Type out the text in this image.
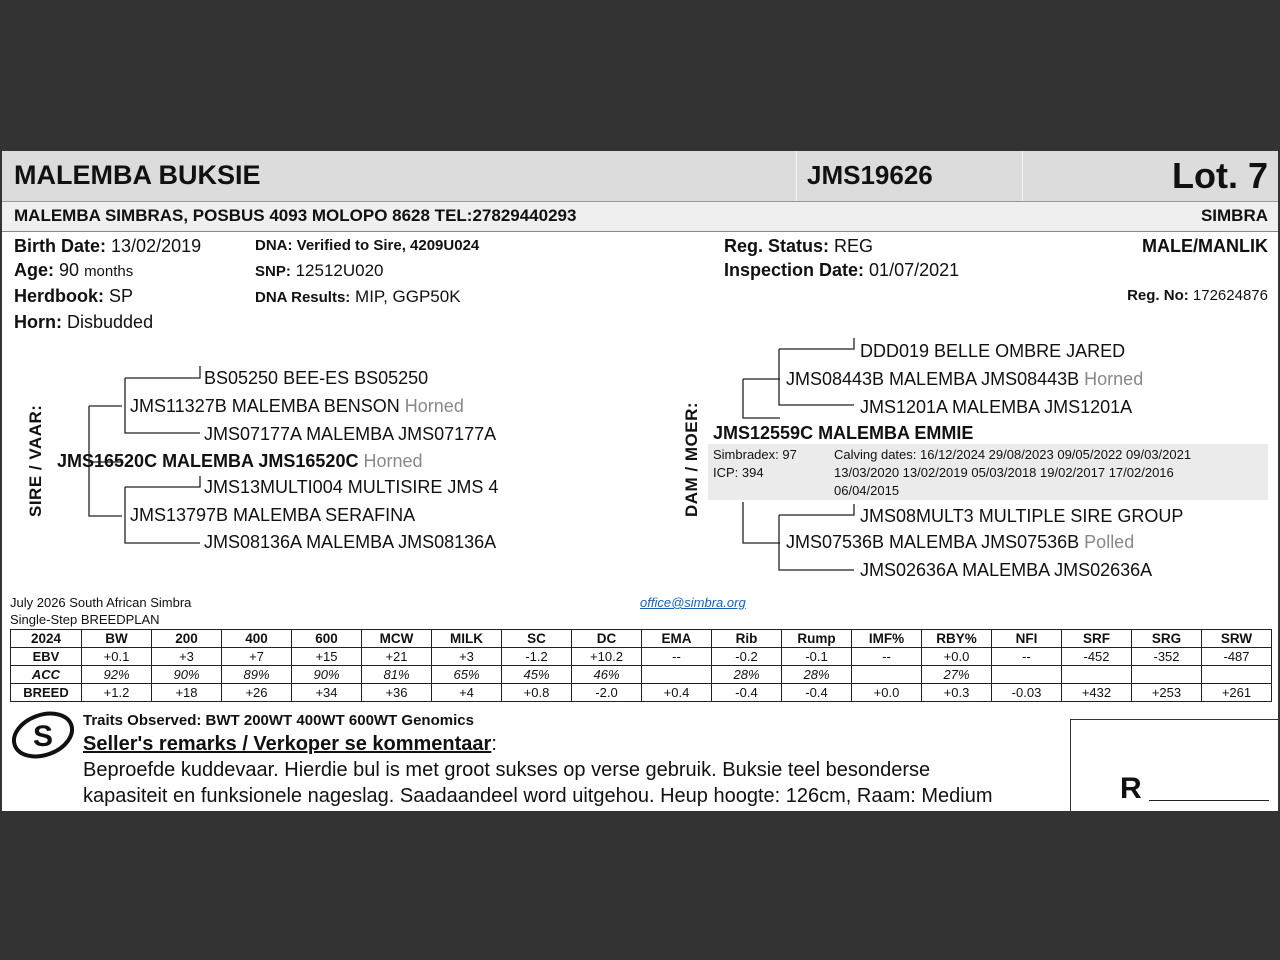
MALEMBA BUKSIE	JMS19626	Lot. 7
MALEMBA SIMBRAS, POSBUS 4093 MOLOPO 8628 TEL:27829440293	SIMBRA
Birth Date: 13/02/2019
Age: 90 months
Herdbook: SP
Horn: Disbudded
DNA: Verified to Sire, 4209U024
SNP: 12512U020
DNA Results: MIP, GGP50K
Reg. Status: REG
Inspection Date: 01/07/2021
MALE/MANLIK
Reg. No: 172624876
SIRE / VAAR:
BS05250 BEE-ES BS05250
JMS11327B MALEMBA BENSON Horned
JMS07177A MALEMBA JMS07177A
JMS16520C MALEMBA JMS16520C Horned
JMS13MULTI004 MULTISIRE JMS 4
JMS13797B MALEMBA SERAFINA
JMS08136A MALEMBA JMS08136A
DAM / MOER:
DDD019 BELLE OMBRE JARED
JMS08443B MALEMBA JMS08443B Horned
JMS1201A MALEMBA JMS1201A
JMS12559C MALEMBA EMMIE
Simbradex: 97
ICP: 394
Calving dates: 16/12/2024 29/08/2023 09/05/2022 09/03/2021
13/03/2020 13/02/2019 05/03/2018 19/02/2017 17/02/2016
06/04/2015
JMS08MULT3 MULTIPLE SIRE GROUP
JMS07536B MALEMBA JMS07536B Polled
JMS02636A MALEMBA JMS02636A
July 2026 South African Simbra
Single-Step BREEDPLAN
office@simbra.org
2024	BW	200	400	600	MCW	MILK	SC	DC	EMA	Rib	Rump	IMF%	RBY%	NFI	SRF	SRG	SRW
EBV	+0.1	+3	+7	+15	+21	+3	-1.2	+10.2	--	-0.2	-0.1	--	+0.0	--	-452	-352	-487
ACC	92%	90%	89%	90%	81%	65%	45%	46%		28%	28%		27%				
BREED	+1.2	+18	+26	+34	+36	+4	+0.8	-2.0	+0.4	-0.4	-0.4	+0.0	+0.3	-0.03	+432	+253	+261
S Traits Observed: BWT 200WT 400WT 600WT Genomics
Seller's remarks / Verkoper se kommentaar:
Beproefde kuddevaar. Hierdie bul is met groot sukses op verse gebruik. Buksie teel besonderse
kapasiteit en funksionele nageslag. Saadaandeel word uitgehou. Heup hoogte: 126cm, Raam: Medium	R
